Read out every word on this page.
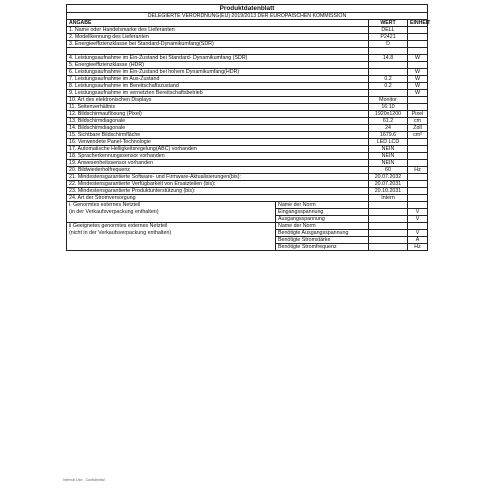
Produktdatenblatt			
DELEGIERTE VERORDNUNG(EU) 2019/2013 DER EUROPAISCHEN KOMMISSION			
ANGABE		WERT	EINHEIT
1. Name oder Handelsmarke des Lieferanten		DELL	
2. Modellkennung des Lieferanten		P2421	
3. Energieeffizienzklasse bei Standard-Dynamikumfang(SDR)		D	

4. Leistungsaufnahme im Ein-Zustand bei Standard- Dynamikumfang (SDR)		14.8	W
5. Energieeffizienzklasse (HDR)			
6. Leistungsaufnahme im Ein-Zustand bei hohem Dynamikumfang(HDR)			W
7. Leistungsaufnahme im Aus-Zustand		0.2	W
8. Leistungsaufnahme im Bereitschaftszustand		0.2	W
9. Leistungsaufnahme im vernetzten Bereitschaftsbetrieb			W
10. Art des elektronischen Displays		Monitor	
11. Seitenverhältnis		16:10	
12. Bildschirmauflösung (Pixel)		1920x1200	Pixel
13. Bildschirmdiagonale		61.2	cm
14. Bildschirmdiagonale		24	Zoll
15. Sichtbare Bildschirmfläche		1679.6	cm²
16. Verwendete Panel-Technologie		LED LCD	
17. Automatische Helligkeitsregelung(ABC) vorhanden		NEIN	
18. Spracherkennungssensor vorhanden		NEIN	
19. Anwesenheitssensor vorhanden		NEIN	
20. Bildwiederholfrequenz		60	Hz
21. Mindestensgarantierte Software- und Firmware-Aktualisierungen(bis):		20.07.2032	
22. Mindestensgarantierte Verfügbarkeit von Ersatzteilen (bis):		20.07.2031	
23. Mindestensgarantierte Produktunterstützung (bis):		20.10.2031	
24. Art der Stromversorgung		Intern	
i. Genormtes externes Netzteil	Name der Norm		
(in der Verkaufsverpackung enthalten)	Eingangsspannung		V
	Ausgangsspannung		V
ii Geeignetes genormtes externes Netzteil	Name der Norm		
(nicht in der Verkaufsverpackung enthalten)	Benötigte Ausgangsspannung		V
	Benötigte Stromstärke		A
	Benötigte Stromfrequenz		Hz
Internal Use - Confidential
